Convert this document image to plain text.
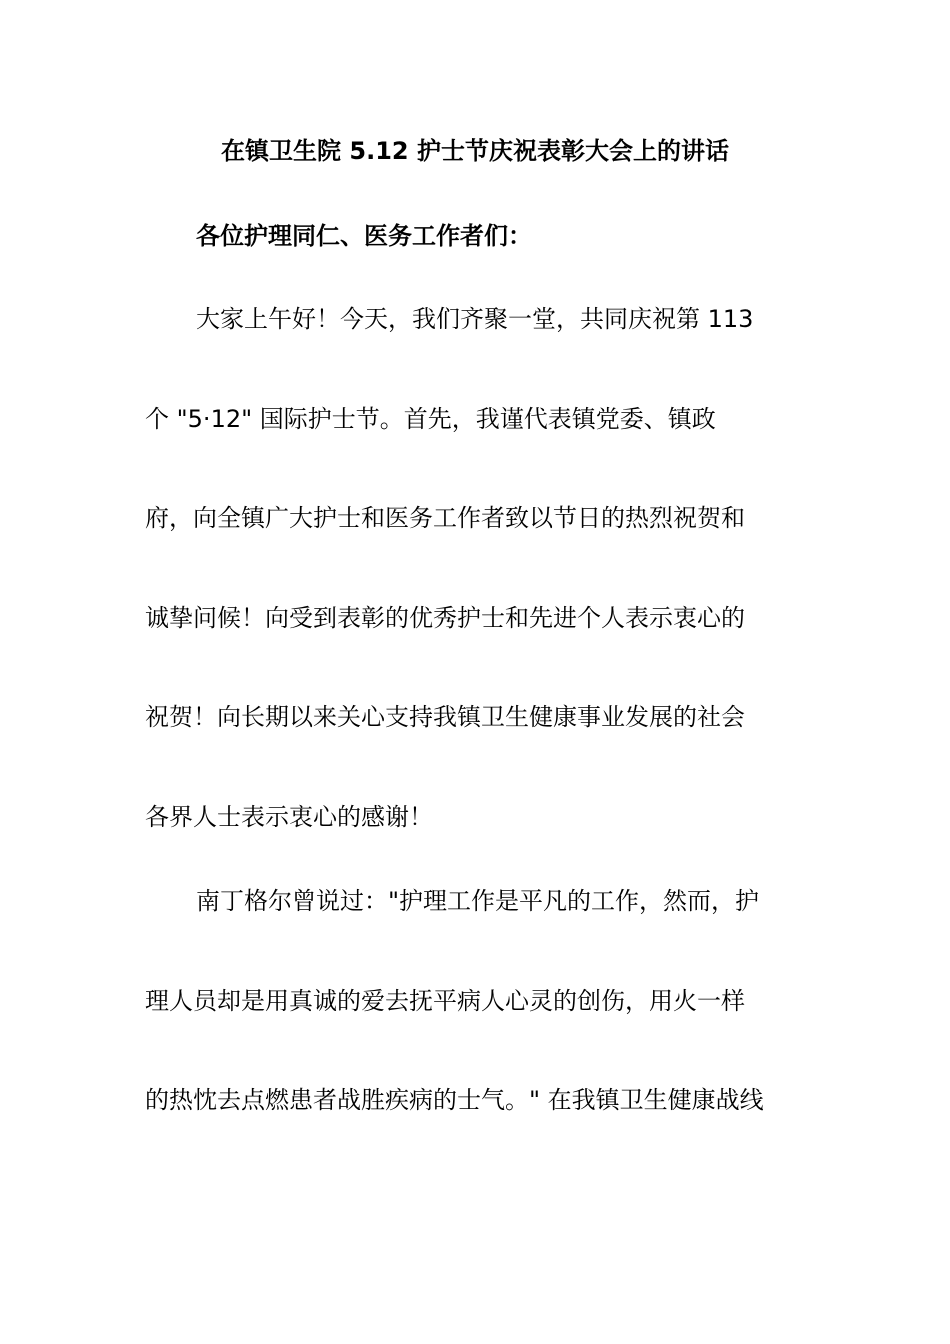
在镇卫生院 5.12 护士节庆祝表彰大会上的讲话
各位护理同仁、医务工作者们：
大家上午好！今天，我们齐聚一堂，共同庆祝第 113
个 "5·12" 国际护士节。首先，我谨代表镇党委、镇政
府，向全镇广大护士和医务工作者致以节日的热烈祝贺和
诚挚问候！向受到表彰的优秀护士和先进个人表示衷心的
祝贺！向长期以来关心支持我镇卫生健康事业发展的社会
各界人士表示衷心的感谢！
南丁格尔曾说过："护理工作是平凡的工作，然而，护
理人员却是用真诚的爱去抚平病人心灵的创伤，用火一样
的热忱去点燃患者战胜疾病的士气。" 在我镇卫生健康战线
